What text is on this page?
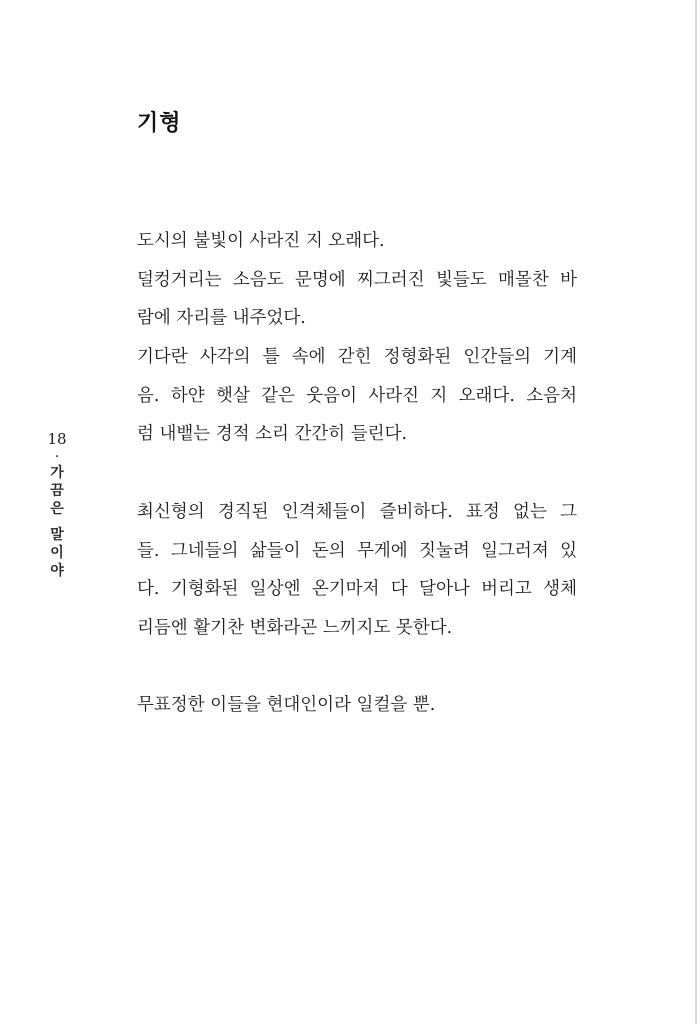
기형
도시의 불빛이 사라진 지 오래다.
덜컹거리는 소음도 문명에 찌그러진 빛들도 매몰찬 바
람에 자리를 내주었다.
기다란 사각의 틀 속에 갇힌 정형화된 인간들의 기계
음. 하얀 햇살 같은 웃음이 사라진 지 오래다. 소음처
럼 내뱉는 경적 소리 간간히 들린다.
최신형의 경직된 인격체들이 즐비하다. 표정 없는 그
들. 그네들의 삶들이 돈의 무게에 짓눌려 일그러져 있
다. 기형화된 일상엔 온기마저 다 달아나 버리고 생체
리듬엔 활기찬 변화라곤 느끼지도 못한다.
무표정한 이들을 현대인이라 일컬을 뿐.
18
·
가
끔
은
말
이
야
